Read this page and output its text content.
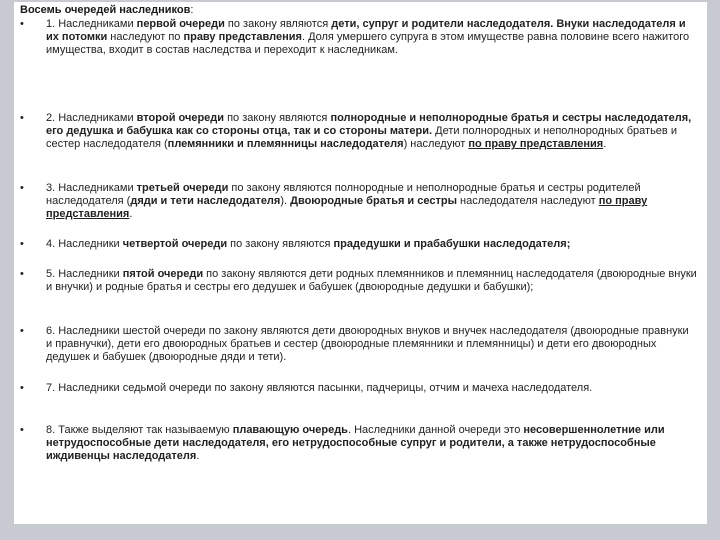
Восемь очередей наследников:

•	1. Наследниками первой очереди по закону являются дети, супруг и родители наследодателя. Внуки наследодателя и их потомки наследуют по праву представления. Доля умершего супруга в этом имуществе равна половине всего нажитого имущества, входит в состав наследства и переходит к наследникам.
•	2. Наследниками второй очереди по закону являются полнородные и неполнородные братья и сестры наследодателя, его дедушка и бабушка как со стороны отца, так и со стороны матери. Дети полнородных и неполнородных братьев и сестер наследодателя (племянники и племянницы наследодателя) наследуют по праву представления.
•	3. Наследниками третьей очереди по закону являются полнородные и неполнородные братья и сестры родителей наследодателя (дяди и тети наследодателя). Двоюродные братья и сестры наследодателя наследуют по праву представления.
•	4. Наследники четвертой очереди по закону являются прадедушки и прабабушки наследодателя;
•	5. Наследники пятой очереди по закону являются дети родных племянников и племянниц наследодателя (двоюродные внуки и внучки) и родные братья и сестры его дедушек и бабушек (двоюродные дедушки и бабушки);
•	6. Наследники шестой очереди по закону являются дети двоюродных внуков и внучек наследодателя (двоюродные правнуки и правнучки), дети его двоюродных братьев и сестер (двоюродные племянники и племянницы) и дети его двоюродных дедушек и бабушек (двоюродные дяди и тети).
•	7. Наследники седьмой очереди по закону являются пасынки, падчерицы, отчим и мачеха наследодателя.
•	8. Также выделяют так называемую плавающую очередь. Наследники данной очереди это несовершеннолетние или нетрудоспособные дети наследодателя, его нетрудоспособные супруг и родители, а также нетрудоспособные иждивенцы наследодателя.
